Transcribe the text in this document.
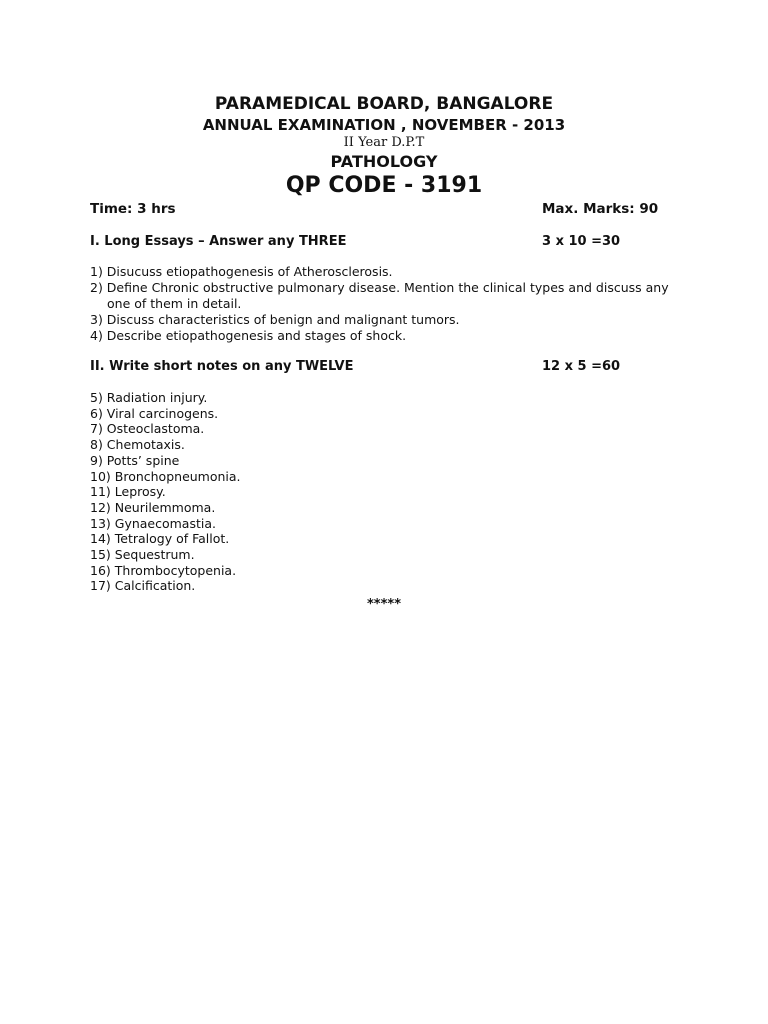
PARAMEDICAL BOARD, BANGALORE
ANNUAL EXAMINATION , NOVEMBER - 2013
II Year D.P.T
PATHOLOGY
QP CODE - 3191
Time: 3 hrs	Max. Marks: 90
I. Long Essays – Answer any THREE	3 x 10 =30
1) Disucuss etiopathogenesis of Atherosclerosis.
2) Define Chronic obstructive pulmonary disease. Mention the clinical types and discuss any one of them in detail.
3) Discuss characteristics of benign and malignant tumors.
4) Describe etiopathogenesis and stages of shock.
II. Write short notes on any TWELVE	12 x 5 =60
5) Radiation injury.
6) Viral carcinogens.
7) Osteoclastoma.
8) Chemotaxis.
9) Potts’ spine
10) Bronchopneumonia.
11) Leprosy.
12) Neurilemmoma.
13) Gynaecomastia.
14) Tetralogy of Fallot.
15) Sequestrum.
16) Thrombocytopenia.
17) Calcification.
*****
